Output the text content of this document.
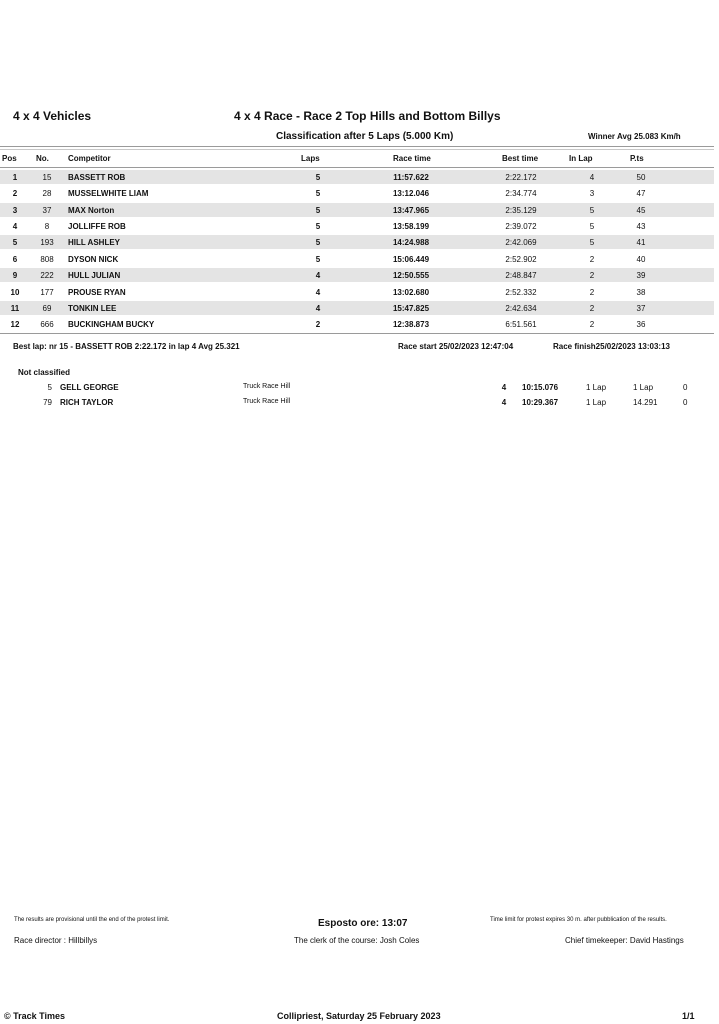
4 x 4 Vehicles	4 x 4 Race - Race 2 Top Hills and Bottom Billys
Classification after 5 Laps (5.000 Km)	Winner Avg 25.083 Km/h
Pos No. Competitor	Laps	Race time	Best time	In Lap	P.ts
1	15	BASSETT ROB	5	11:57.622	2:22.172	4	50
2	28	MUSSELWHITE LIAM	5	13:12.046	2:34.774	3	47
3	37	MAX Norton	5	13:47.965	2:35.129	5	45
4	8	JOLLIFFE ROB	5	13:58.199	2:39.072	5	43
5	193	HILL ASHLEY	5	14:24.988	2:42.069	5	41
6	808	DYSON NICK	5	15:06.449	2:52.902	2	40
9	222	HULL JULIAN	4	12:50.555	2:48.847	2	39
10	177	PROUSE RYAN	4	13:02.680	2:52.332	2	38
11	69	TONKIN LEE	4	15:47.825	2:42.634	2	37
12	666	BUCKINGHAM BUCKY	2	12:38.873	6:51.561	2	36
Best lap: nr 15 - BASSETT ROB 2:22.172 in lap 4 Avg 25.321	Race start 25/02/2023 12:47:04	Race finish25/02/2023 13:03:13
Not classified
5 GELL GEORGE	Truck Race Hill	4 10:15.076	1 Lap	1 Lap	0
79 RICH TAYLOR	Truck Race Hill	4 10:29.367	1 Lap	14.291	0
The results are provisional until the end of the protest limit.	Esposto ore: 13:07	Time limit for protest expires 30 m. after pubblication of the results.
Race director : Hillbillys	The clerk of the course: Josh Coles	Chief timekeeper: David Hastings
© Track Times	Collipriest, Saturday 25 February 2023	1/1
